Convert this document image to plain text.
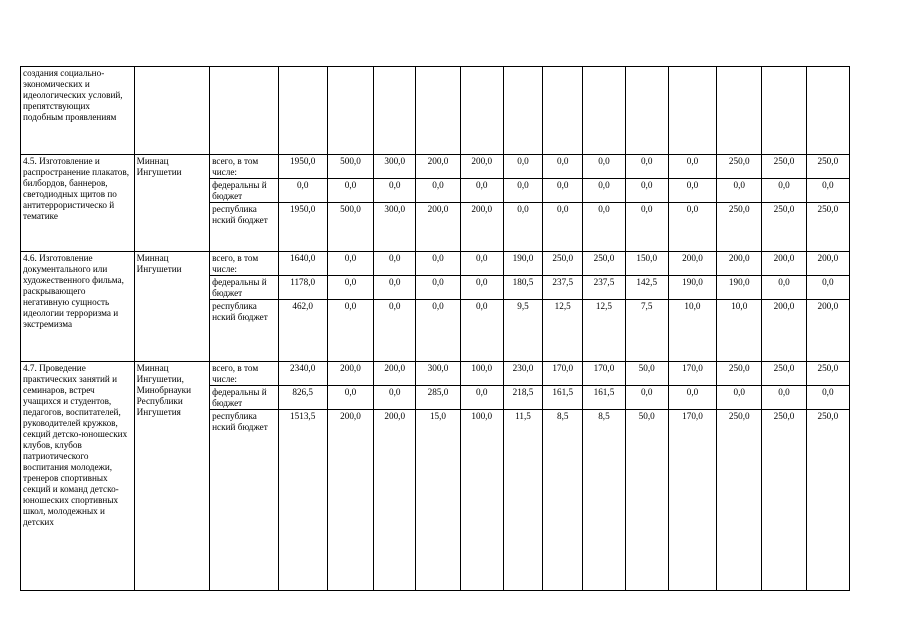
создания социально-экономических и идеологических условий, препятствующих подобным проявлениям															
4.5. Изготовление и распространение плакатов, билбордов, баннеров, светодиодных щитов по антитеррористическо й тематике	Миннац Ингушетии	всего, в том числе:	1950,0	500,0	300,0	200,0	200,0	0,0	0,0	0,0	0,0	0,0	250,0	250,0	250,0
		федеральны й бюджет	0,0	0,0	0,0	0,0	0,0	0,0	0,0	0,0	0,0	0,0	0,0	0,0	0,0
		республика нский бюджет	1950,0	500,0	300,0	200,0	200,0	0,0	0,0	0,0	0,0	0,0	250,0	250,0	250,0
4.6. Изготовление документального или художественного фильма, раскрывающего негативную сущность идеологии терроризма и экстремизма	Миннац Ингушетии	всего, в том числе:	1640,0	0,0	0,0	0,0	0,0	190,0	250,0	250,0	150,0	200,0	200,0	200,0	200,0
		федеральны й бюджет	1178,0	0,0	0,0	0,0	0,0	180,5	237,5	237,5	142,5	190,0	190,0	0,0	0,0
		республика нский бюджет	462,0	0,0	0,0	0,0	0,0	9,5	12,5	12,5	7,5	10,0	10,0	200,0	200,0
4.7. Проведение практических занятий и семинаров, встреч учащихся и студентов, педагогов, воспитателей, руководителей кружков, секций детско-юношеских клубов, клубов патриотического воспитания молодежи, тренеров спортивных секций и команд детско-юношеских спортивных школ, молодежных и детских	Миннац Ингушетии, Минобрнауки Республики Ингушетия	всего, в том числе:	2340,0	200,0	200,0	300,0	100,0	230,0	170,0	170,0	50,0	170,0	250,0	250,0	250,0
		федеральны й бюджет	826,5	0,0	0,0	285,0	0,0	218,5	161,5	161,5	0,0	0,0	0,0	0,0	0,0
		республика нский бюджет	1513,5	200,0	200,0	15,0	100,0	11,5	8,5	8,5	50,0	170,0	250,0	250,0	250,0
